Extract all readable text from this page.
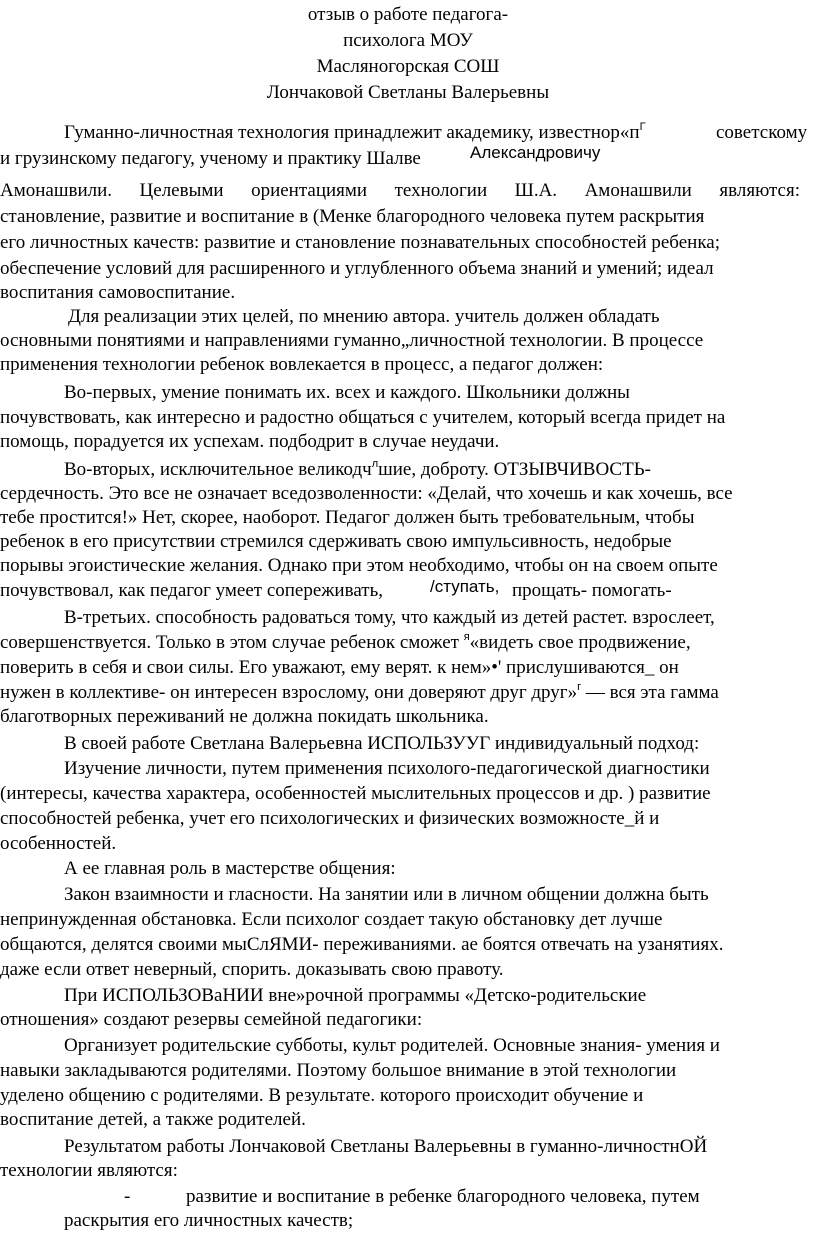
отзыв о работе педагога-
психолога МОУ
Масляногорская СОШ
Лончаковой Светланы Валерьевны
Гуманно-личностная технология принадлежит академику, $известнор«п^Г$	советскому
и грузинскому педагогу, ученому и практику Шалве	Александровичу
Амонашвили. Целевыми ориентациями технологии Ш.А. Амонашвили являются:
становление, развитие и воспитание в (Менке благородного человека путем раскрытия
его личностных качеств: развитие и становление познавательных способностей ребенка;
обеспечение условий для расширенного и углубленного объема знаний и умений; идеал
воспитания самовоспитание.
Для реализации этих целей, по мнению автора. учитель должен обладать
основными понятиями и направлениями гуманно„личностной технологии. В процессе
применения технологии ребенок вовлекается в процесс, а педагог должен:
Во-первых, умение понимать их. всех и каждого. Школьники должны
почувствовать, как интересно и радостно общаться с учителем, который всегда придет на
помощь, порадуется их успехам. подбодрит в случае неудачи.
Во-вторых, исключительное великодч$^л$шие, доброту. ОТЗЫВЧИВОСТЬ-
сердечность. Это все не означает вседозволенности: «Делай, что хочешь и как хочешь, все
тебе простится!» Нет, скорее, наоборот. Педагог должен быть требовательным, чтобы
ребенок в его присутствии стремился сдерживать свою импульсивность, недобрые
порывы эгоистические желания. Однако при этом необходимо, чтобы он на своем опыте
почувствовал, как педагог умеет сопереживать,	/ступать, прощать- помогать-
В-третьих. способность радоваться тому, что каждый из детей растет. взрослеет,
совершенствуется. Только в этом случае ребенок сможет $^я$«видеть свое продвижение,
поверить в себя и свои силы. Его уважают, ему верят. к нем»•' прислушиваются_ он
нужен в коллективе- он интересен взрослому, они доверяют друг друг»$^г$ — вся эта гамма
благотворных переживаний не должна покидать школьника.
В своей работе Светлана Валерьевна ИСПОЛЬЗУУГ индивидуальный подход:
Изучение личности, путем применения психолого-педагогической диагностики
(интересы, качества характера, особенностей мыслительных процессов и др. ) развитие
способностей ребенка, учет его психологических и физических возможносте_й и
особенностей.
А ее главная роль в мастерстве общения:
Закон взаимности и гласности. На занятии или в личном общении должна быть
непринужденная обстановка. Если психолог создает такую обстановку дет лучше
общаются, делятся своими мыСлЯМИ- переживаниями. ае боятся отвечать на узанятиях.
даже если ответ неверный, спорить. доказывать свою правоту.
При ИСПОЛЬЗОВаНИИ вне»рочной программы «Детско-родительские
отношения» создают резервы семейной педагогики:
Организует родительские субботы, культ родителей. Основные знания- умения и
навыки закладываются родителями. Поэтому большое внимание в этой технологии
уделено общению с родителями. В результате. которого происходит обучение и
воспитание детей, а также родителей.
Результатом работы Лончаковой Светланы Валерьевны в гуманно-личностнОЙ
технологии являются:
-	развитие и воспитание в ребенке благородного человека, путем
раскрытия его личностных качеств;
